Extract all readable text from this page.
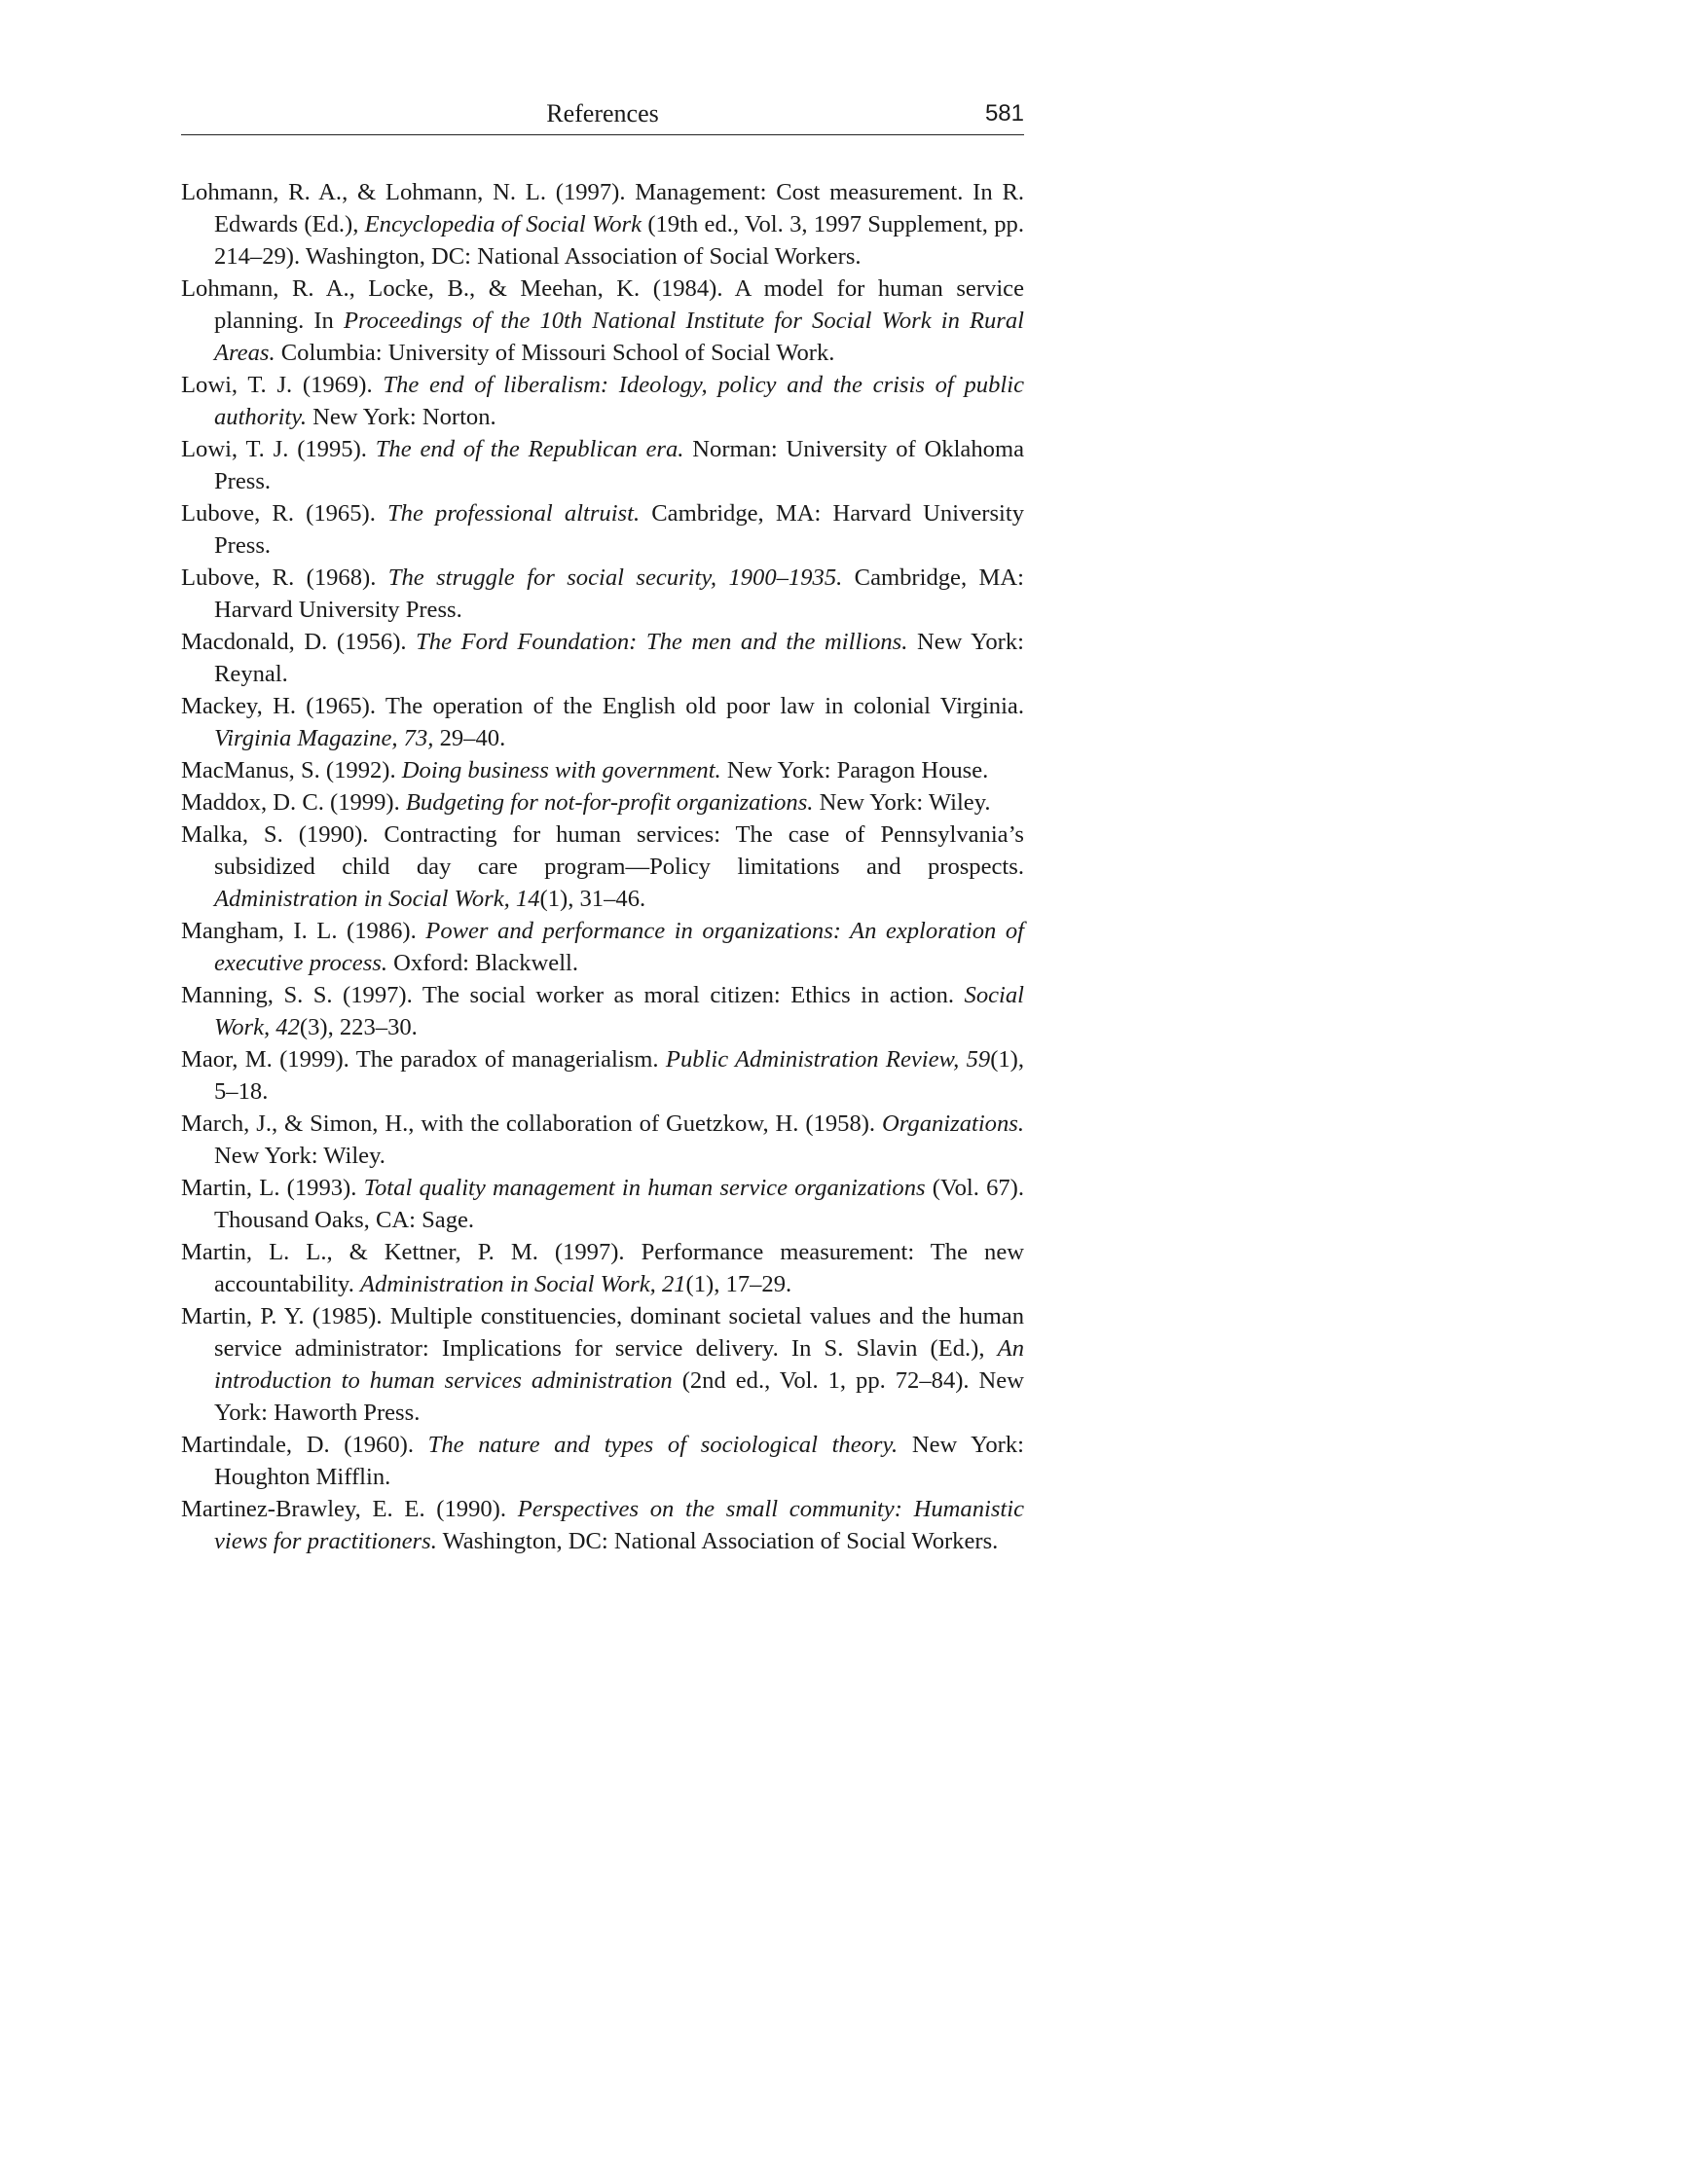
References	581

Lohmann, R. A., & Lohmann, N. L. (1997). Management: Cost measurement. In R. Edwards (Ed.), Encyclopedia of Social Work (19th ed., Vol. 3, 1997 Supplement, pp. 214–29). Washington, DC: National Association of Social Workers.

Lohmann, R. A., Locke, B., & Meehan, K. (1984). A model for human service planning. In Proceedings of the 10th National Institute for Social Work in Rural Areas. Columbia: University of Missouri School of Social Work.

Lowi, T. J. (1969). The end of liberalism: Ideology, policy and the crisis of public authority. New York: Norton.

Lowi, T. J. (1995). The end of the Republican era. Norman: University of Oklahoma Press.

Lubove, R. (1965). The professional altruist. Cambridge, MA: Harvard University Press.

Lubove, R. (1968). The struggle for social security, 1900–1935. Cambridge, MA: Harvard University Press.

Macdonald, D. (1956). The Ford Foundation: The men and the millions. New York: Reynal.

Mackey, H. (1965). The operation of the English old poor law in colonial Virginia. Virginia Magazine, 73, 29–40.

MacManus, S. (1992). Doing business with government. New York: Paragon House.

Maddox, D. C. (1999). Budgeting for not-for-profit organizations. New York: Wiley.

Malka, S. (1990). Contracting for human services: The case of Pennsylvania’s subsidized child day care program—Policy limitations and prospects. Administration in Social Work, 14(1), 31–46.

Mangham, I. L. (1986). Power and performance in organizations: An exploration of executive process. Oxford: Blackwell.

Manning, S. S. (1997). The social worker as moral citizen: Ethics in action. Social Work, 42(3), 223–30.

Maor, M. (1999). The paradox of managerialism. Public Administration Review, 59(1), 5–18.

March, J., & Simon, H., with the collaboration of Guetzkow, H. (1958). Organizations. New York: Wiley.

Martin, L. (1993). Total quality management in human service organizations (Vol. 67). Thousand Oaks, CA: Sage.

Martin, L. L., & Kettner, P. M. (1997). Performance measurement: The new accountability. Administration in Social Work, 21(1), 17–29.

Martin, P. Y. (1985). Multiple constituencies, dominant societal values and the human service administrator: Implications for service delivery. In S. Slavin (Ed.), An introduction to human services administration (2nd ed., Vol. 1, pp. 72–84). New York: Haworth Press.

Martindale, D. (1960). The nature and types of sociological theory. New York: Houghton Mifflin.

Martinez-Brawley, E. E. (1990). Perspectives on the small community: Humanistic views for practitioners. Washington, DC: National Association of Social Workers.
